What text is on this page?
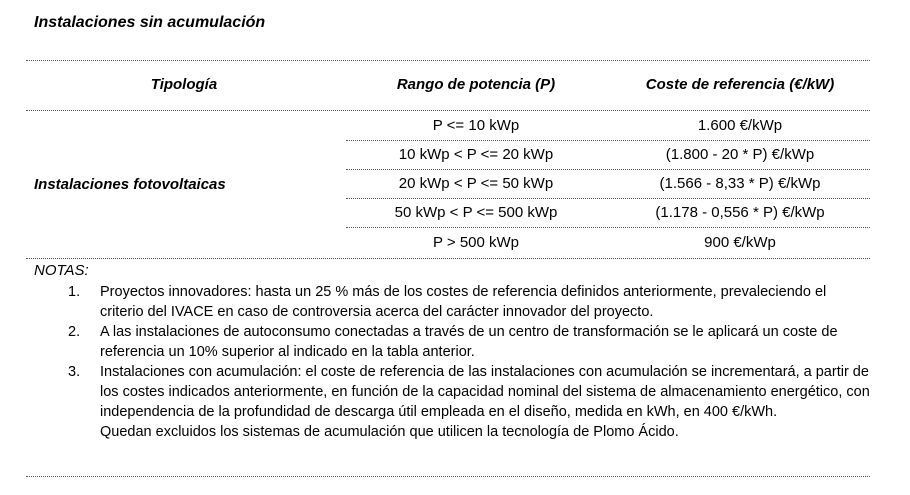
Instalaciones sin acumulación
Tipología	Rango de potencia (P)	Coste de referencia (€/kW)
Instalaciones fotovoltaicas
P <= 10 kWp	1.600 €/kWp
10 kWp < P <= 20 kWp	(1.800 - 20 * P) €/kWp
20 kWp < P <= 50 kWp	(1.566 - 8,33 * P) €/kWp
50 kWp < P <= 500 kWp	(1.178 - 0,556 * P) €/kWp
P > 500 kWp	900 €/kWp
NOTAS:
1. Proyectos innovadores: hasta un 25 % más de los costes de referencia definidos anteriormente, prevaleciendo el criterio del IVACE en caso de controversia acerca del carácter innovador del proyecto.
2. A las instalaciones de autoconsumo conectadas a través de un centro de transformación se le aplicará un coste de referencia un 10% superior al indicado en la tabla anterior.
3. Instalaciones con acumulación: el coste de referencia de las instalaciones con acumulación se incrementará, a partir de los costes indicados anteriormente, en función de la capacidad nominal del sistema de almacenamiento energético, con independencia de la profundidad de descarga útil empleada en el diseño, medida en kWh, en 400 €/kWh.
Quedan excluidos los sistemas de acumulación que utilicen la tecnología de Plomo Ácido.
